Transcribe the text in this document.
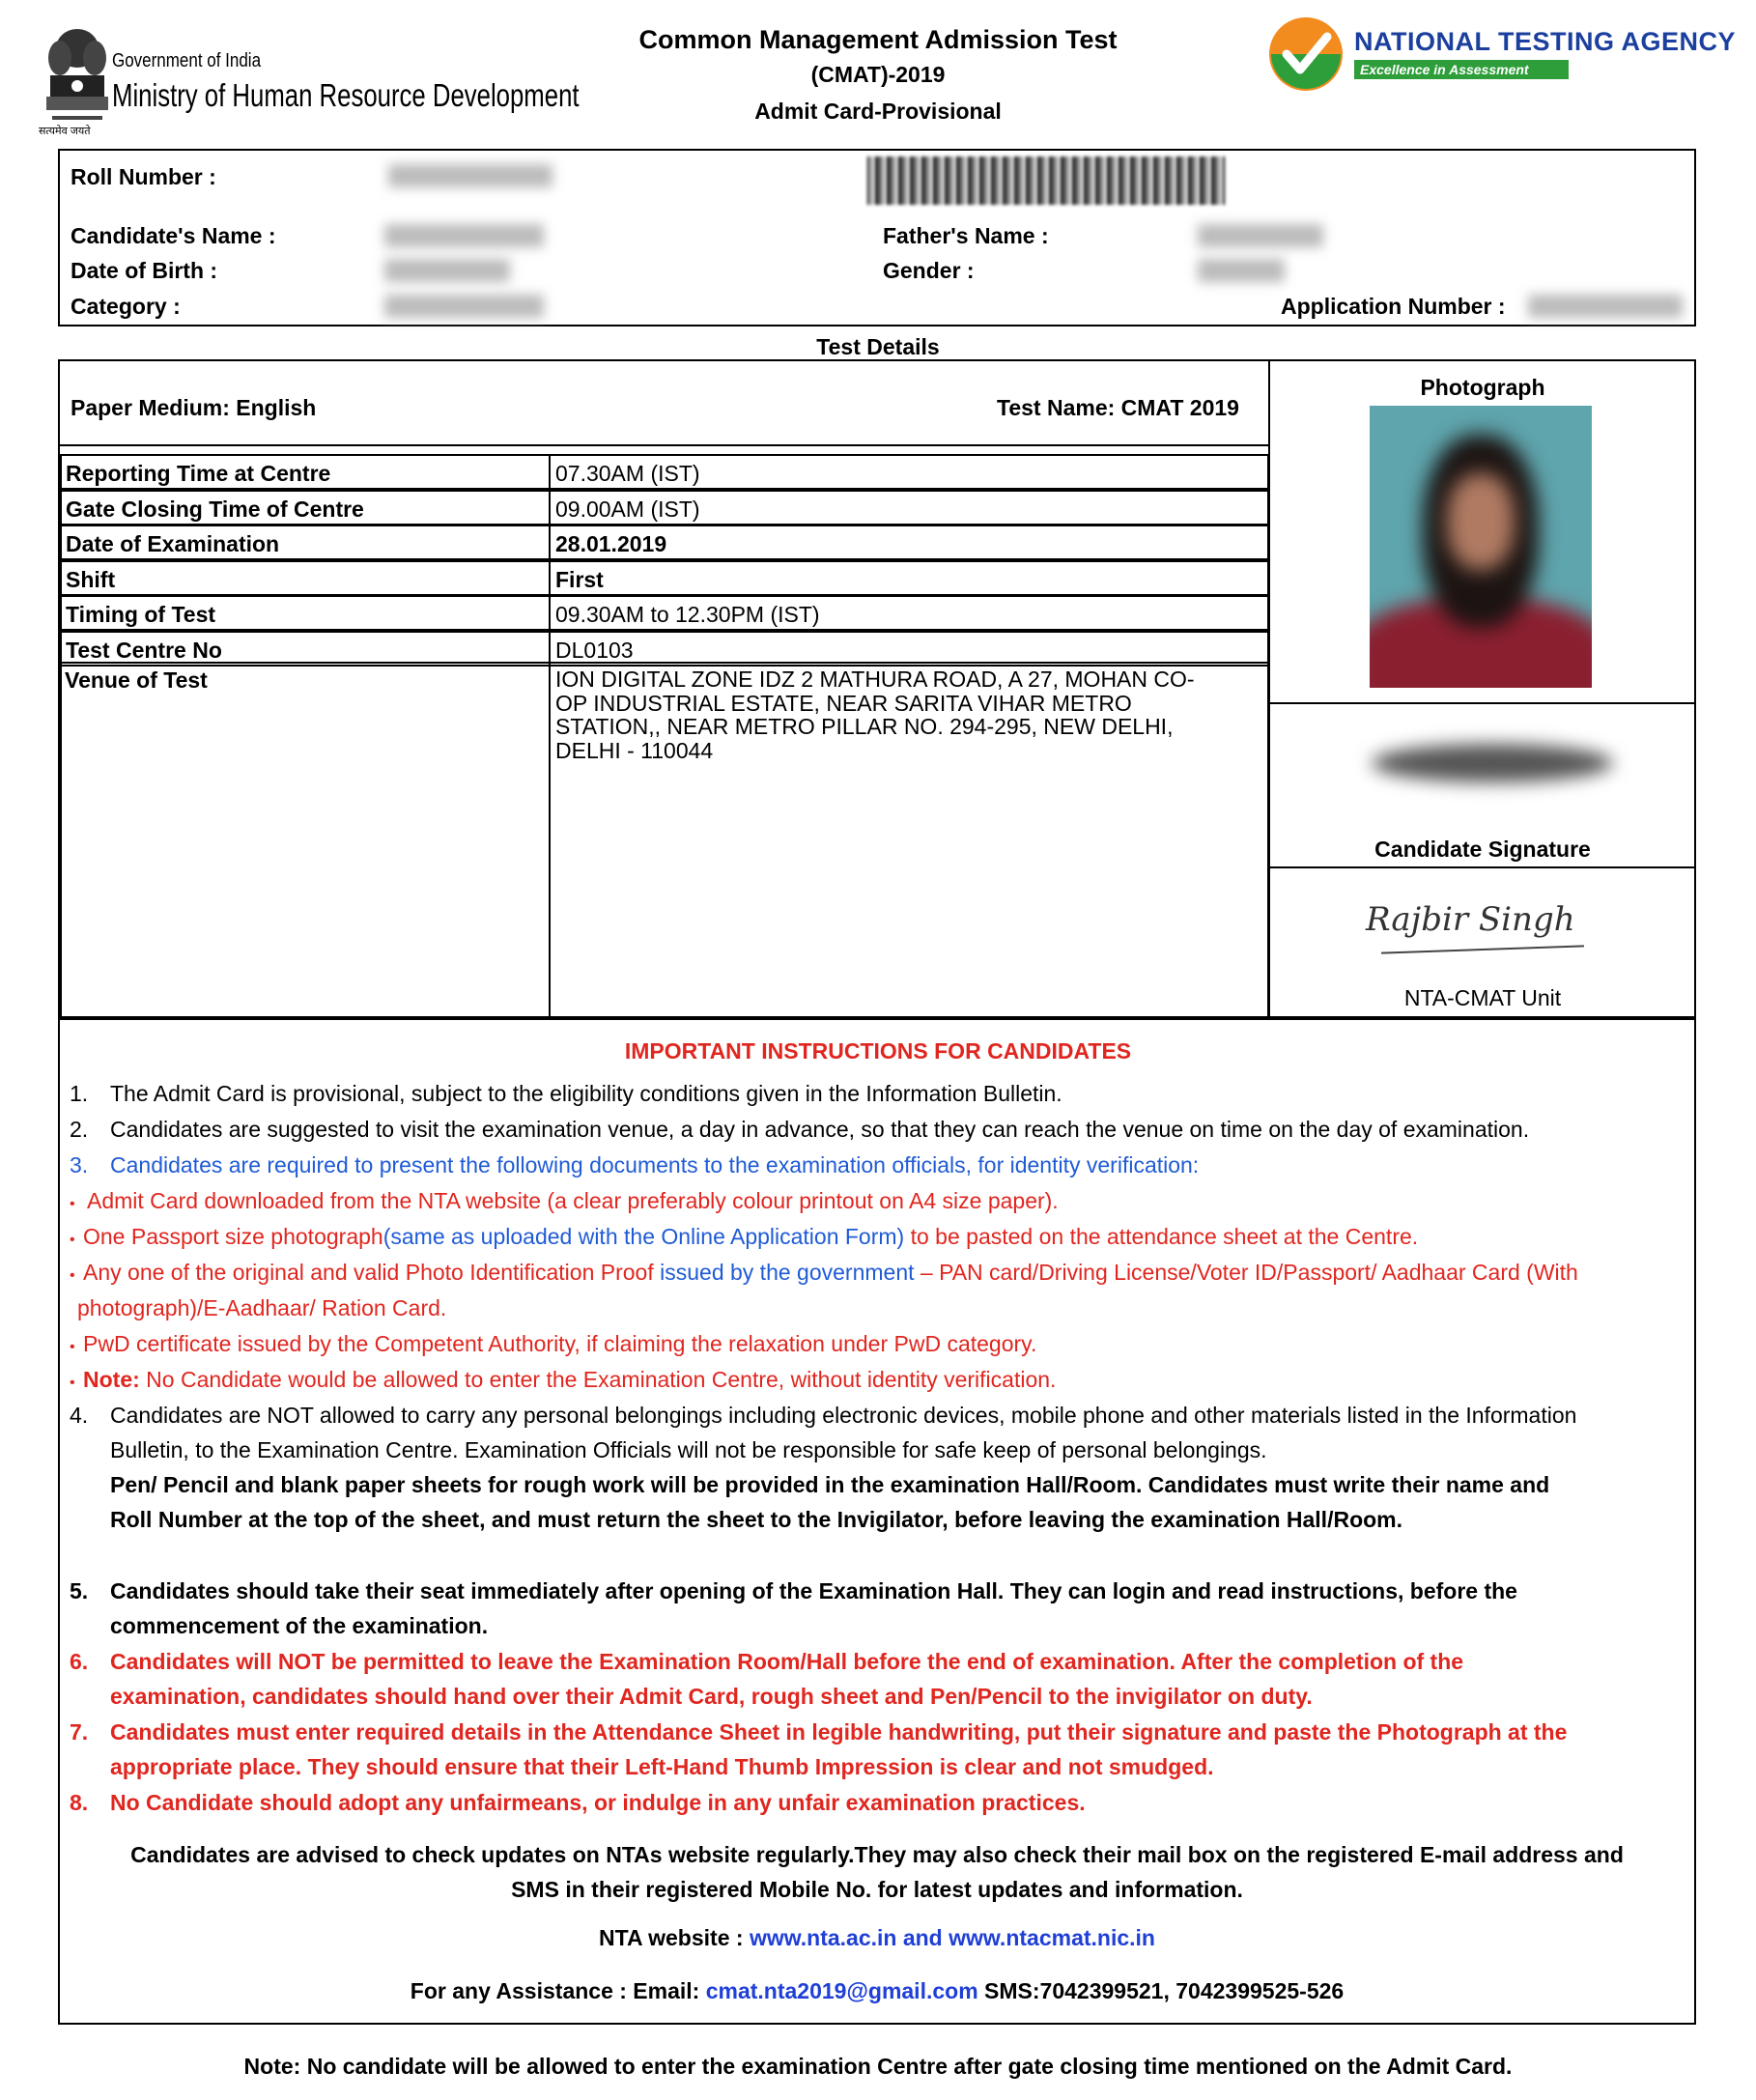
सत्यमेव जयते
Government of India
Ministry of Human Resource Development
Common Management Admission Test
(CMAT)-2019
Admit Card-Provisional
NATIONAL TESTING AGENCY
Excellence in Assessment
Roll Number :
Candidate's Name :
Date of Birth :
Category :
Father's Name :
Gender :
Application Number :
Test Details
Paper Medium: English	Test Name: CMAT 2019
Reporting Time at Centre	07.30AM (IST)
Gate Closing Time of Centre	09.00AM (IST)
Date of Examination	28.01.2019
Shift	First
Timing of Test	09.30AM to 12.30PM (IST)
Test Centre No	DL0103
Venue of Test	ION DIGITAL ZONE IDZ 2 MATHURA ROAD, A 27, MOHAN CO-
OP INDUSTRIAL ESTATE, NEAR SARITA VIHAR METRO
STATION,, NEAR METRO PILLAR NO. 294-295, NEW DELHI,
DELHI - 110044
Photograph
Candidate Signature
Rajbir Singh
NTA-CMAT Unit
IMPORTANT INSTRUCTIONS FOR CANDIDATES
1. The Admit Card is provisional, subject to the eligibility conditions given in the Information Bulletin.
2. Candidates are suggested to visit the examination venue, a day in advance, so that they can reach the venue on time on the day of examination.
3. Candidates are required to present the following documents to the examination officials, for identity verification:
• Admit Card downloaded from the NTA website (a clear preferably colour printout on A4 size paper).
• One Passport size photograph(same as uploaded with the Online Application Form) to be pasted on the attendance sheet at the Centre.
• Any one of the original and valid Photo Identification Proof issued by the government – PAN card/Driving License/Voter ID/Passport/ Aadhaar Card (With
photograph)/E-Aadhaar/ Ration Card.
• PwD certificate issued by the Competent Authority, if claiming the relaxation under PwD category.
• Note: No Candidate would be allowed to enter the Examination Centre, without identity verification.
4. Candidates are NOT allowed to carry any personal belongings including electronic devices, mobile phone and other materials listed in the Information
Bulletin, to the Examination Centre. Examination Officials will not be responsible for safe keep of personal belongings.
Pen/ Pencil and blank paper sheets for rough work will be provided in the examination Hall/Room. Candidates must write their name and
Roll Number at the top of the sheet, and must return the sheet to the Invigilator, before leaving the examination Hall/Room.
5. Candidates should take their seat immediately after opening of the Examination Hall. They can login and read instructions, before the
commencement of the examination.
6. Candidates will NOT be permitted to leave the Examination Room/Hall before the end of examination. After the completion of the
examination, candidates should hand over their Admit Card, rough sheet and Pen/Pencil to the invigilator on duty.
7. Candidates must enter required details in the Attendance Sheet in legible handwriting, put their signature and paste the Photograph at the
appropriate place. They should ensure that their Left-Hand Thumb Impression is clear and not smudged.
8. No Candidate should adopt any unfairmeans, or indulge in any unfair examination practices.
Candidates are advised to check updates on NTAs website regularly.They may also check their mail box on the registered E-mail address and
SMS in their registered Mobile No. for latest updates and information.
NTA website : www.nta.ac.in and www.ntacmat.nic.in
For any Assistance : Email: cmat.nta2019@gmail.com SMS:7042399521, 7042399525-526
Note: No candidate will be allowed to enter the examination Centre after gate closing time mentioned on the Admit Card.
